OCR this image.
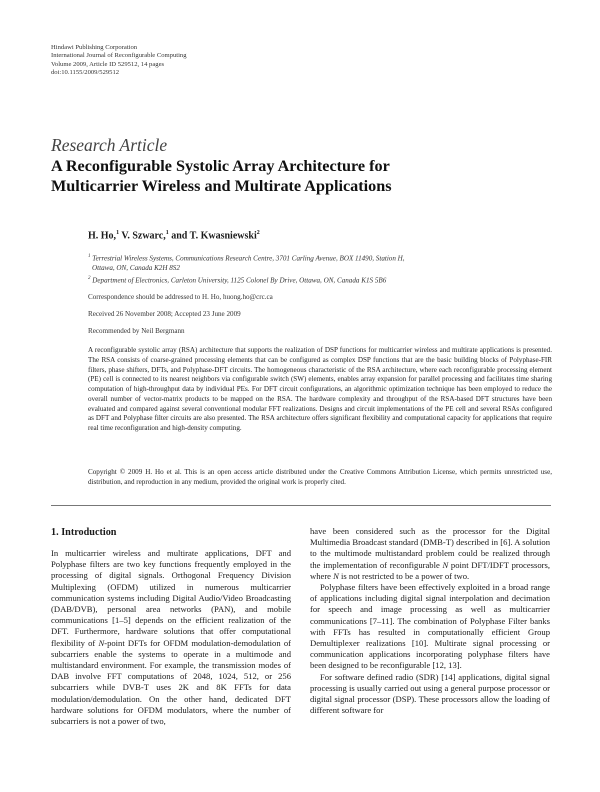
Hindawi Publishing Corporation
International Journal of Reconfigurable Computing
Volume 2009, Article ID 529512, 14 pages
doi:10.1155/2009/529512
Research Article
A Reconfigurable Systolic Array Architecture for
Multicarrier Wireless and Multirate Applications
H. Ho,$^1$ V. Szwarc,$^1$ and T. Kwasniewski$^2$
$^1$ Terrestrial Wireless Systems, Communications Research Centre, 3701 Carling Avenue, BOX 11490, Station H,
Ottawa, ON, Canada K2H 8S2
$^2$ Department of Electronics, Carleton University, 1125 Colonel By Drive, Ottawa, ON, Canada K1S 5B6
Correspondence should be addressed to H. Ho, huong.ho@crc.ca
Received 26 November 2008; Accepted 23 June 2009
Recommended by Neil Bergmann
A reconfigurable systolic array (RSA) architecture that supports the realization of DSP functions for multicarrier wireless and multirate applications is presented. The RSA consists of coarse-grained processing elements that can be configured as complex DSP functions that are the basic building blocks of Polyphase-FIR filters, phase shifters, DFTs, and Polyphase-DFT circuits. The homogeneous characteristic of the RSA architecture, where each reconfigurable processing element (PE) cell is connected to its nearest neighbors via configurable switch (SW) elements, enables array expansion for parallel processing and facilitates time sharing computation of high-throughput data by individual PEs. For DFT circuit configurations, an algorithmic optimization technique has been employed to reduce the overall number of vector-matrix products to be mapped on the RSA. The hardware complexity and throughput of the RSA-based DFT structures have been evaluated and compared against several conventional modular FFT realizations. Designs and circuit implementations of the PE cell and several RSAs configured as DFT and Polyphase filter circuits are also presented. The RSA architecture offers significant flexibility and computational capacity for applications that require real time reconfiguration and high-density computing.
Copyright © 2009 H. Ho et al. This is an open access article distributed under the Creative Commons Attribution License, which permits unrestricted use, distribution, and reproduction in any medium, provided the original work is properly cited.
1. Introduction

In multicarrier wireless and multirate applications, DFT and Polyphase filters are two key functions frequently employed in the processing of digital signals. Orthogonal Frequency Division Multiplexing (OFDM) utilized in numerous multicarrier communication systems including Digital Audio/Video Broadcasting (DAB/DVB), personal area networks (PAN), and mobile communications [1–5] depends on the efficient realization of the DFT. Furthermore, hardware solutions that offer computational flexibility of N-point DFTs for OFDM modulation-demodulation of subcarriers enable the systems to operate in a multimode and multistandard environment. For example, the transmission modes of DAB involve FFT computations of 2048, 1024, 512, or 256 subcarriers while DVB-T uses 2K and 8K FFTs for data modulation/demodulation. On the other hand, dedicated DFT hardware solutions for OFDM modulators, where the number of subcarriers is not a power of two,

have been considered such as the processor for the Digital Multimedia Broadcast standard (DMB-T) described in [6]. A solution to the multimode multistandard problem could be realized through the implementation of reconfigurable N point DFT/IDFT processors, where N is not restricted to be a power of two.

Polyphase filters have been effectively exploited in a broad range of applications including digital signal interpolation and decimation for speech and image processing as well as multicarrier communications [7–11]. The combination of Polyphase Filter banks with FFTs has resulted in computationally efficient Group Demultiplexer realizations [10]. Multirate signal processing or communication applications incorporating polyphase filters have been designed to be reconfigurable [12, 13].

For software defined radio (SDR) [14] applications, digital signal processing is usually carried out using a general purpose processor or digital signal processor (DSP). These processors allow the loading of different software for
